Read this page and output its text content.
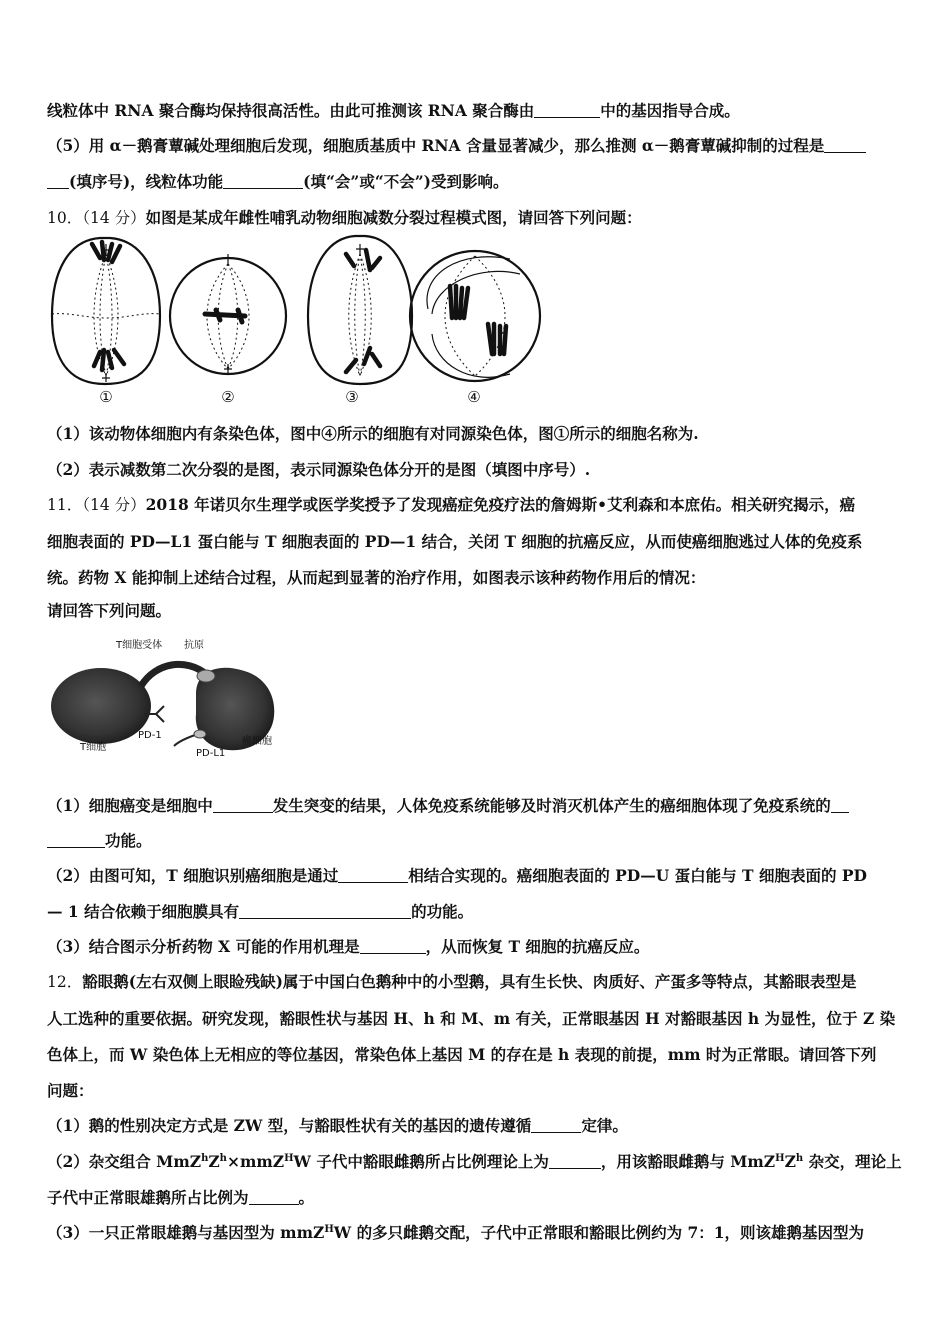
线粒体中 RNA 聚合酶均保持很高活性。由此可推测该 RNA 聚合酶由	中的基因指导合成。
（5）用 α－鹅膏蕈碱处理细胞后发现，细胞质基质中 RNA 含量显著减少，那么推测 α－鹅膏蕈碱抑制的过程是
(填序号)，线粒体功能	(填“会”或“不会”)受到影响。
10．（14 分）如图是某成年雌性哺乳动物细胞减数分裂过程模式图，请回答下列问题：
①	②	③	④
（1）该动物体细胞内有条染色体，图中④所示的细胞有对同源染色体，图①所示的细胞名称为.
（2）表示减数第二次分裂的是图，表示同源染色体分开的是图（填图中序号）.
11．（14 分）2018 年诺贝尔生理学或医学奖授予了发现癌症免疫疗法的詹姆斯•艾利森和本庶佑。相关研究揭示，癌
细胞表面的 PD—L1 蛋白能与 T 细胞表面的 PD—1 结合，关闭 T 细胞的抗癌反应，从而使癌细胞逃过人体的免疫系
统。药物 X 能抑制上述结合过程，从而起到显著的治疗作用，如图表示该种药物作用后的情况：
请回答下列问题。
T细胞受体 抗原
PD-1
T细胞
PD-L1
癌细胞
（1）细胞癌变是细胞中	发生突变的结果，人体免疫系统能够及时消灭机体产生的癌细胞体现了免疫系统的
功能。
（2）由图可知，T 细胞识别癌细胞是通过	相结合实现的。癌细胞表面的 PD—U 蛋白能与 T 细胞表面的 PD
— 1 结合依赖于细胞膜具有	的功能。
（3）结合图示分析药物 X 可能的作用机理是	，从而恢复 T 细胞的抗癌反应。
12．豁眼鹅(左右双侧上眼睑残缺)属于中国白色鹅种中的小型鹅，具有生长快、肉质好、产蛋多等特点，其豁眼表型是
人工选种的重要依据。研究发现，豁眼性状与基因 H、h 和 M、m 有关，正常眼基因 H 对豁眼基因 h 为显性，位于 Z 染
色体上，而 W 染色体上无相应的等位基因，常染色体上基因 M 的存在是 h 表现的前提，mm 时为正常眼。请回答下列
问题：
（1）鹅的性别决定方式是 ZW 型，与豁眼性状有关的基因的遗传遵循	定律。
（2）杂交组合 $MmZ^hZ^h\times mmZ^HW$ 子代中豁眼雌鹅所占比例理论上为	，用该豁眼雌鹅与 $MmZ^HZ^h$ 杂交，理论上
子代中正常眼雄鹅所占比例为	。
（3）一只正常眼雄鹅与基因型为 mmZ$^H$W 的多只雌鹅交配，子代中正常眼和豁眼比例约为 7：1，则该雄鹅基因型为
